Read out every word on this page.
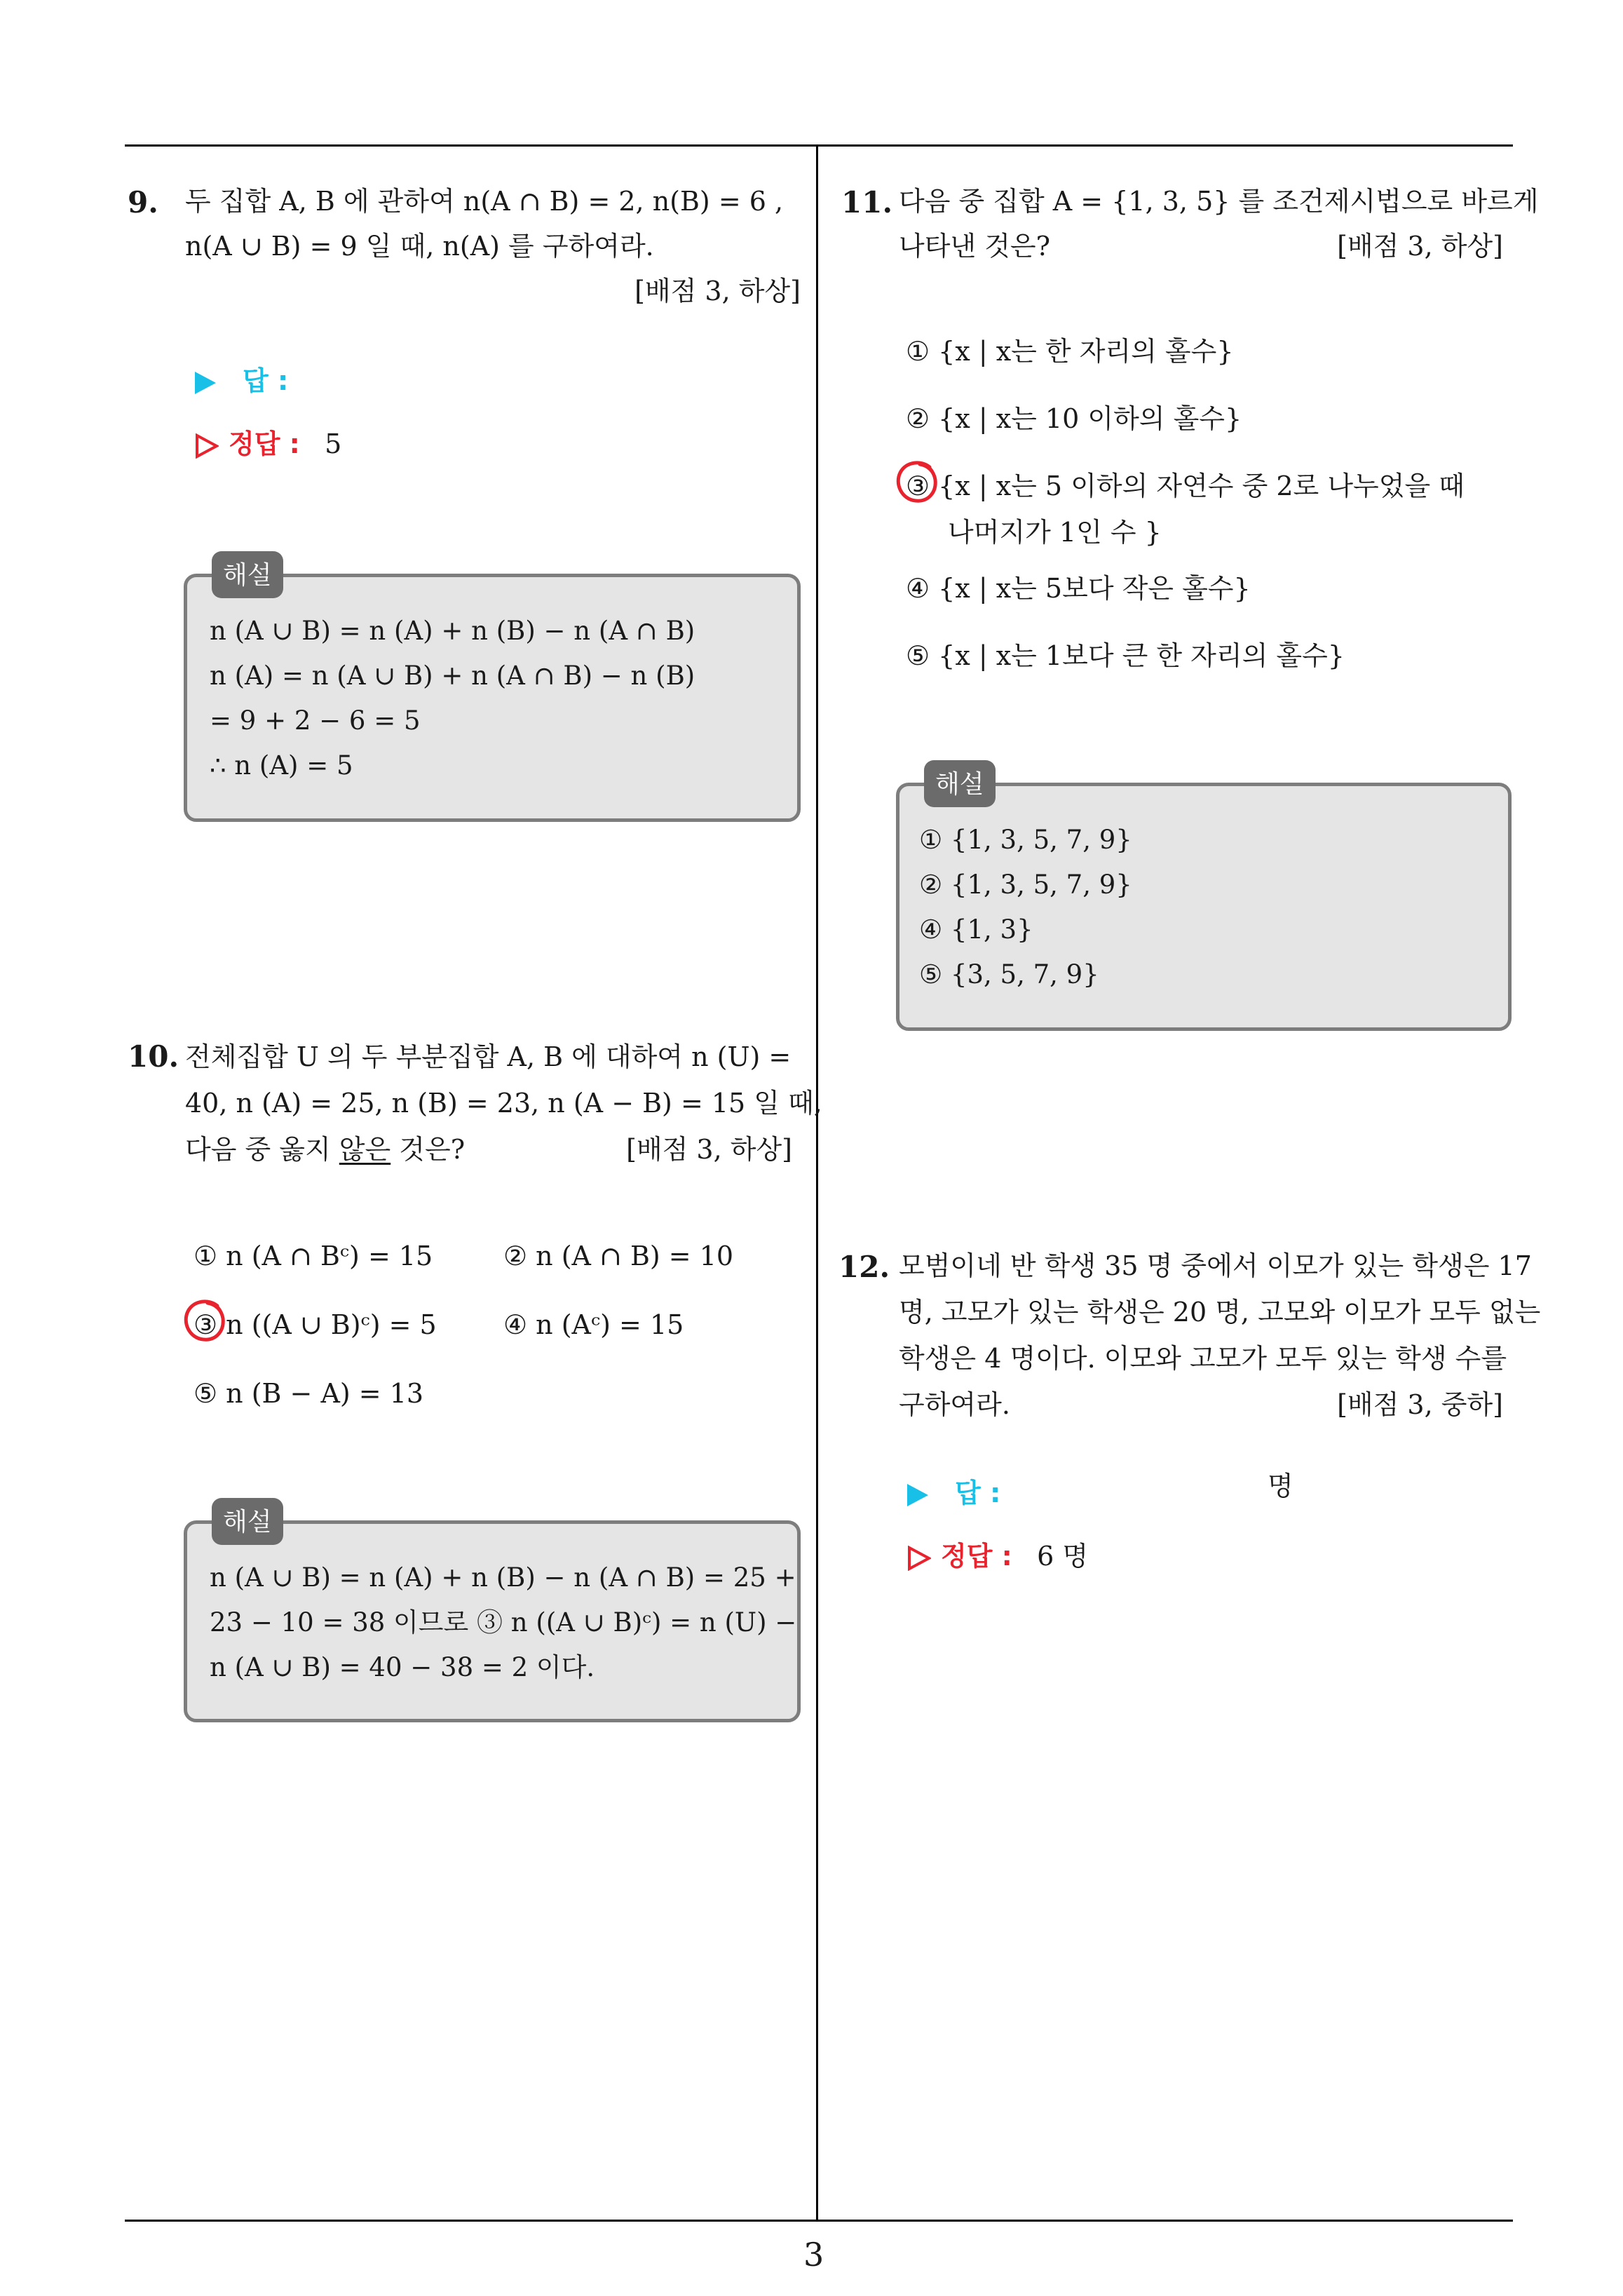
9. 두 집합 A, B 에 관하여 n(A ∩ B) = 2, n(B) = 6 ,
n(A ∪ B) = 9 일 때, n(A) 를 구하여라.
[배점 3, 하상]
답 :
정답 : 5
n (A ∪ B) = n (A) + n (B) − n (A ∩ B)
n (A) = n (A ∪ B) + n (A ∩ B) − n (B)
= 9 + 2 − 6 = 5
∴ n (A) = 5
해설
10. 전체집합 U 의 두 부분집합 A, B 에 대하여 n (U) =
40, n (A) = 25, n (B) = 23, n (A − B) = 15 일 때,
다음 중 옳지 않은 것은?	[배점 3, 하상]
① n (A ∩ Bᶜ) = 15	② n (A ∩ B) = 10
③ n ((A ∪ B)ᶜ) = 5	④ n (Aᶜ) = 15
⑤ n (B − A) = 13
n (A ∪ B) = n (A) + n (B) − n (A ∩ B) = 25 +
23 − 10 = 38 이므로 ③ n ((A ∪ B)ᶜ) = n (U) −
n (A ∪ B) = 40 − 38 = 2 이다.
해설
11. 다음 중 집합 A = {1, 3, 5} 를 조건제시법으로 바르게
나타낸 것은?	[배점 3, 하상]
① {x | x는 한 자리의 홀수}
② {x | x는 10 이하의 홀수}
③ {x | x는 5 이하의 자연수 중 2로 나누었을 때
나머지가 1인 수 }
④ {x | x는 5보다 작은 홀수}
⑤ {x | x는 1보다 큰 한 자리의 홀수}
① {1, 3, 5, 7, 9}
② {1, 3, 5, 7, 9}
④ {1, 3}
⑤ {3, 5, 7, 9}
해설
12. 모범이네 반 학생 35 명 중에서 이모가 있는 학생은 17
명, 고모가 있는 학생은 20 명, 고모와 이모가 모두 없는
학생은 4 명이다. 이모와 고모가 모두 있는 학생 수를
구하여라.	[배점 3, 중하]
답 :	명
정답 : 6 명
3
